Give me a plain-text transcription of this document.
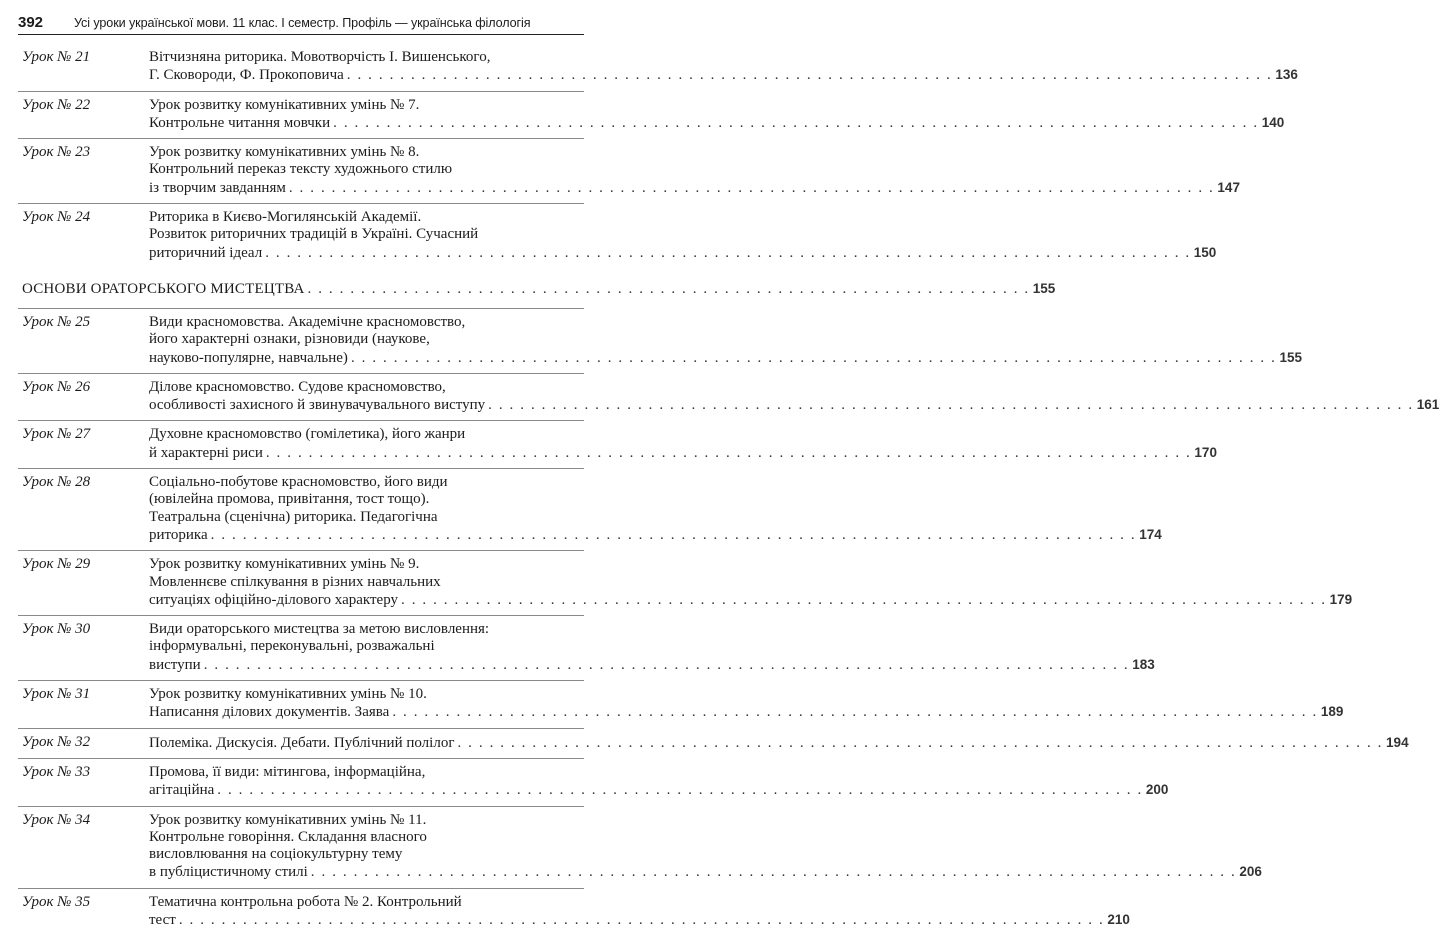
392	Усі уроки української мови. 11 клас. I семестр. Профіль — українська філологія
Урок № 21	Вітчизняна риторика. Мовотворчість І. Вишенського,
Г. Сковороди, Ф. Прокоповича . . .	136
Урок № 22	Урок розвитку комунікативних умінь № 7.
Контрольне читання мовчки . . .	140
Урок № 23	Урок розвитку комунікативних умінь № 8.
Контрольний переказ тексту художнього стилю
із творчим завданням . . .	147
Урок № 24	Риторика в Києво-Могилянській Академії.
Розвиток риторичних традицій в Україні. Сучасний
риторичний ідеал . . .	150
ОСНОВИ ОРАТОРСЬКОГО МИСТЕЦТВА . . . . . . . . . . . . . . . . . . . . . . . . . . . . . . . . . . . . . . . . . . . . . . . . . . . . . . . . . . . . . . . . . . . . 155
Урок № 25	Види красномовства. Академічне красномовство,
його характерні ознаки, різновиди (наукове,
науково-популярне, навчальне) . . .	155
Урок № 26	Ділове красномовство. Судове красномовство,
особливості захисного й звинувачувального виступу . . .	161
Урок № 27	Духовне красномовство (гомілетика), його жанри
й характерні риси . . .	170
Урок № 28	Соціально-побутове красномовство, його види
(ювілейна промова, привітання, тост тощо).
Театральна (сценічна) риторика. Педагогічна
риторика . . .	174
Урок № 29	Урок розвитку комунікативних умінь № 9.
Мовленнєве спілкування в різних навчальних
ситуаціях офіційно-ділового характеру . . .	179
Урок № 30	Види ораторського мистецтва за метою висловлення:
інформувальні, переконувальні, розважальні
виступи . . .	183
Урок № 31	Урок розвитку комунікативних умінь № 10.
Написання ділових документів. Заява . . .	189
Урок № 32	Полеміка. Дискусія. Дебати. Публічний полілог . . .	194
Урок № 33	Промова, її види: мітингова, інформаційна,
агітаційна . . .	200
Урок № 34	Урок розвитку комунікативних умінь № 11.
Контрольне говоріння. Складання власного
висловлювання на соціокультурну тему
в публіцистичному стилі . . .	206
Урок № 35	Тематична контрольна робота № 2. Контрольний
тест . . .	210
